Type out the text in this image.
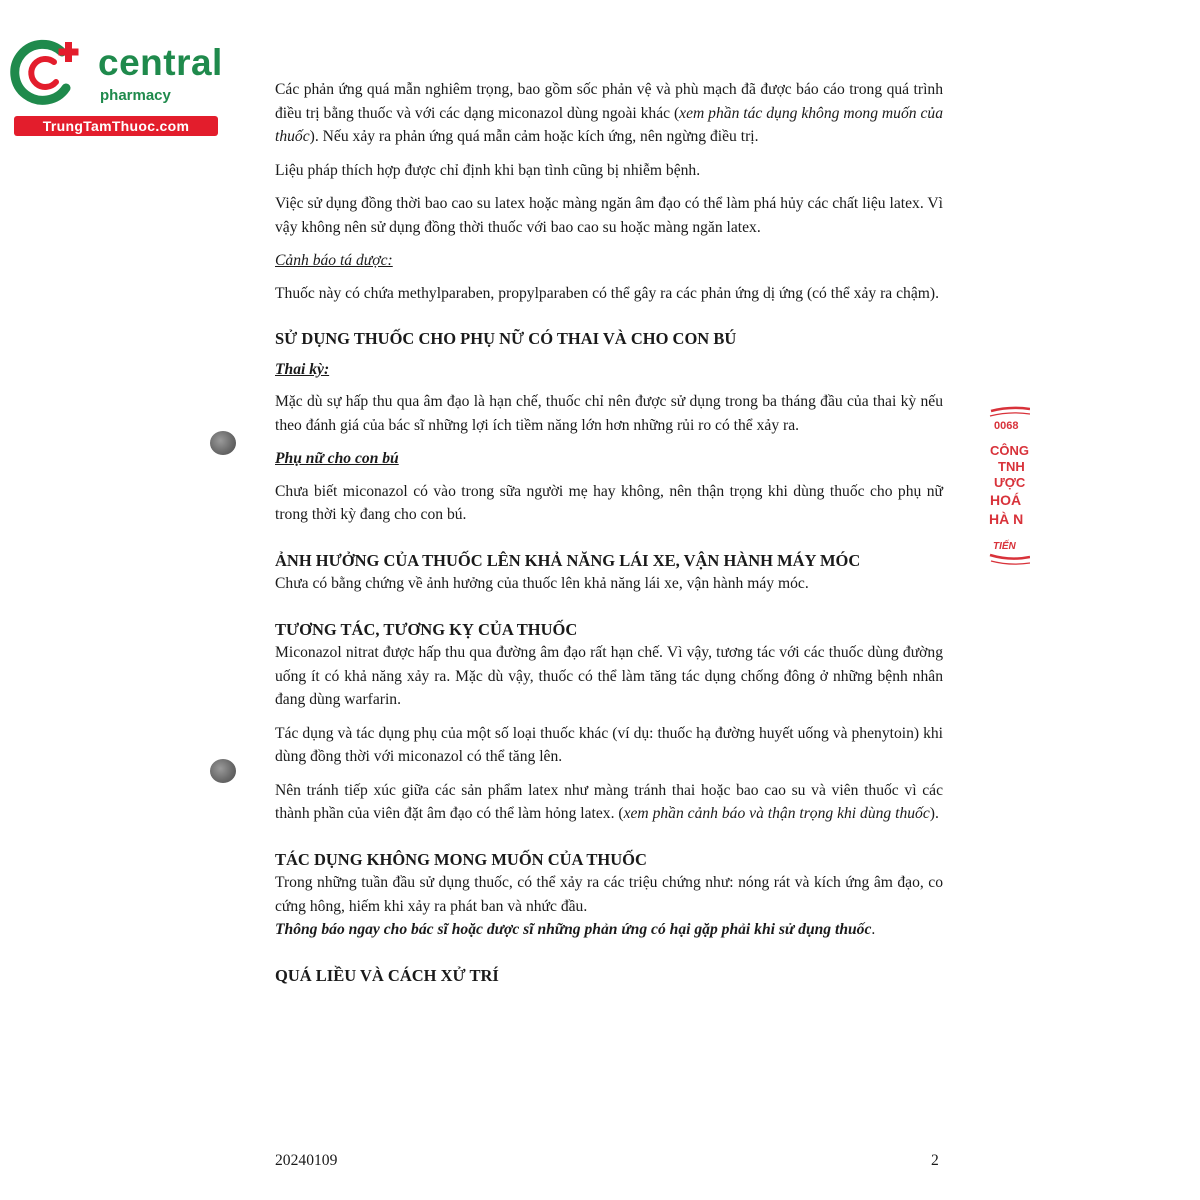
central
pharmacy
TrungTamThuoc.com
0068
CÔNG
TNH
ƯỢC
HOÁ
HÀ N
TIẾN

Các phản ứng quá mẫn nghiêm trọng, bao gồm sốc phản vệ và phù mạch đã được báo cáo trong quá trình điều trị bằng thuốc và với các dạng miconazol dùng ngoài khác (xem phần tác dụng không mong muốn của thuốc). Nếu xảy ra phản ứng quá mẫn cảm hoặc kích ứng, nên ngừng điều trị.

Liệu pháp thích hợp được chỉ định khi bạn tình cũng bị nhiễm bệnh.

Việc sử dụng đồng thời bao cao su latex hoặc màng ngăn âm đạo có thể làm phá hủy các chất liệu latex. Vì vậy không nên sử dụng đồng thời thuốc với bao cao su hoặc màng ngăn latex.

Cảnh báo tá dược:

Thuốc này có chứa methylparaben, propylparaben có thể gây ra các phản ứng dị ứng (có thể xảy ra chậm).

SỬ DỤNG THUỐC CHO PHỤ NỮ CÓ THAI VÀ CHO CON BÚ

Thai kỳ:

Mặc dù sự hấp thu qua âm đạo là hạn chế, thuốc chỉ nên được sử dụng trong ba tháng đầu của thai kỳ nếu theo đánh giá của bác sĩ những lợi ích tiềm năng lớn hơn những rủi ro có thể xảy ra.

Phụ nữ cho con bú

Chưa biết miconazol có vào trong sữa người mẹ hay không, nên thận trọng khi dùng thuốc cho phụ nữ trong thời kỳ đang cho con bú.

ẢNH HƯỞNG CỦA THUỐC LÊN KHẢ NĂNG LÁI XE, VẬN HÀNH MÁY MÓC

Chưa có bằng chứng về ảnh hưởng của thuốc lên khả năng lái xe, vận hành máy móc.

TƯƠNG TÁC, TƯƠNG KỴ CỦA THUỐC

Miconazol nitrat được hấp thu qua đường âm đạo rất hạn chế. Vì vậy, tương tác với các thuốc dùng đường uống ít có khả năng xảy ra. Mặc dù vậy, thuốc có thể làm tăng tác dụng chống đông ở những bệnh nhân đang dùng warfarin.

Tác dụng và tác dụng phụ của một số loại thuốc khác (ví dụ: thuốc hạ đường huyết uống và phenytoin) khi dùng đồng thời với miconazol có thể tăng lên.

Nên tránh tiếp xúc giữa các sản phẩm latex như màng tránh thai hoặc bao cao su và viên thuốc vì các thành phần của viên đặt âm đạo có thể làm hỏng latex. (xem phần cảnh báo và thận trọng khi dùng thuốc).

TÁC DỤNG KHÔNG MONG MUỐN CỦA THUỐC

Trong những tuần đầu sử dụng thuốc, có thể xảy ra các triệu chứng như: nóng rát và kích ứng âm đạo, co cứng hông, hiếm khi xảy ra phát ban và nhức đầu.

Thông báo ngay cho bác sĩ hoặc dược sĩ những phản ứng có hại gặp phải khi sử dụng thuốc.

QUÁ LIỀU VÀ CÁCH XỬ TRÍ
20240109	2
